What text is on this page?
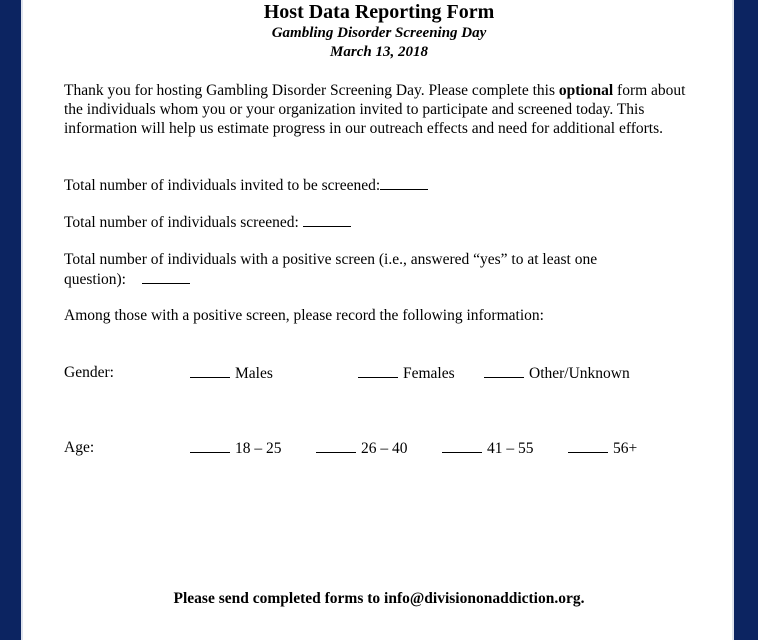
Host Data Reporting Form
Gambling Disorder Screening Day
March 13, 2018
Thank you for hosting Gambling Disorder Screening Day. Please complete this optional form about the individuals whom you or your organization invited to participate and screened today. This information will help us estimate progress in our outreach effects and need for additional efforts.
Total number of individuals invited to be screened:
Total number of individuals screened:
Total number of individuals with a positive screen (i.e., answered “yes” to at least one question):
Among those with a positive screen, please record the following information:
Gender:	Males	Females	Other/Unknown
Age:	18 – 25	26 – 40	41 – 55	56+
Please send completed forms to info@divisiononaddiction.org.
